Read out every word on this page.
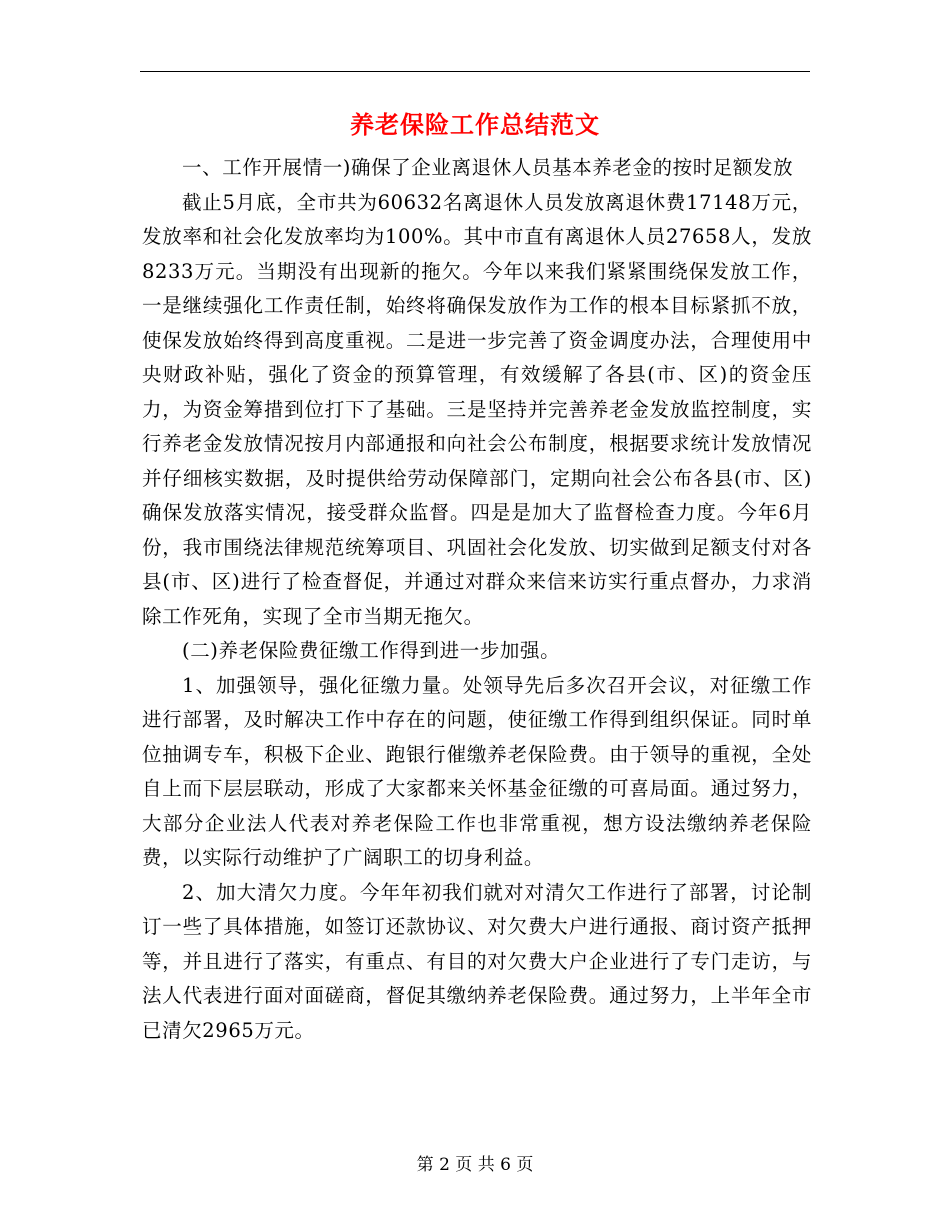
养老保险工作总结范文

一、工作开展情一)确保了企业离退休人员基本养老金的按时足额发放

截止5月底，全市共为60632名离退休人员发放离退休费17148万元，发放率和社会化发放率均为100%。其中市直有离退休人员27658人，发放8233万元。当期没有出现新的拖欠。今年以来我们紧紧围绕保发放工作，一是继续强化工作责任制，始终将确保发放作为工作的根本目标紧抓不放，使保发放始终得到高度重视。二是进一步完善了资金调度办法，合理使用中央财政补贴，强化了资金的预算管理，有效缓解了各县(市、区)的资金压力，为资金筹措到位打下了基础。三是坚持并完善养老金发放监控制度，实行养老金发放情况按月内部通报和向社会公布制度，根据要求统计发放情况并仔细核实数据，及时提供给劳动保障部门，定期向社会公布各县(市、区)确保发放落实情况，接受群众监督。四是是加大了监督检查力度。今年6月份，我市围绕法律规范统筹项目、巩固社会化发放、切实做到足额支付对各县(市、区)进行了检查督促，并通过对群众来信来访实行重点督办，力求消除工作死角，实现了全市当期无拖欠。

(二)养老保险费征缴工作得到进一步加强。

1、加强领导，强化征缴力量。处领导先后多次召开会议，对征缴工作进行部署，及时解决工作中存在的问题，使征缴工作得到组织保证。同时单位抽调专车，积极下企业、跑银行催缴养老保险费。由于领导的重视，全处自上而下层层联动，形成了大家都来关怀基金征缴的可喜局面。通过努力，大部分企业法人代表对养老保险工作也非常重视，想方设法缴纳养老保险费，以实际行动维护了广阔职工的切身利益。

2、加大清欠力度。今年年初我们就对对清欠工作进行了部署，讨论制订一些了具体措施，如签订还款协议、对欠费大户进行通报、商讨资产抵押等，并且进行了落实，有重点、有目的对欠费大户企业进行了专门走访，与法人代表进行面对面磋商，督促其缴纳养老保险费。通过努力，上半年全市已清欠2965万元。

第 2 页 共 6 页
